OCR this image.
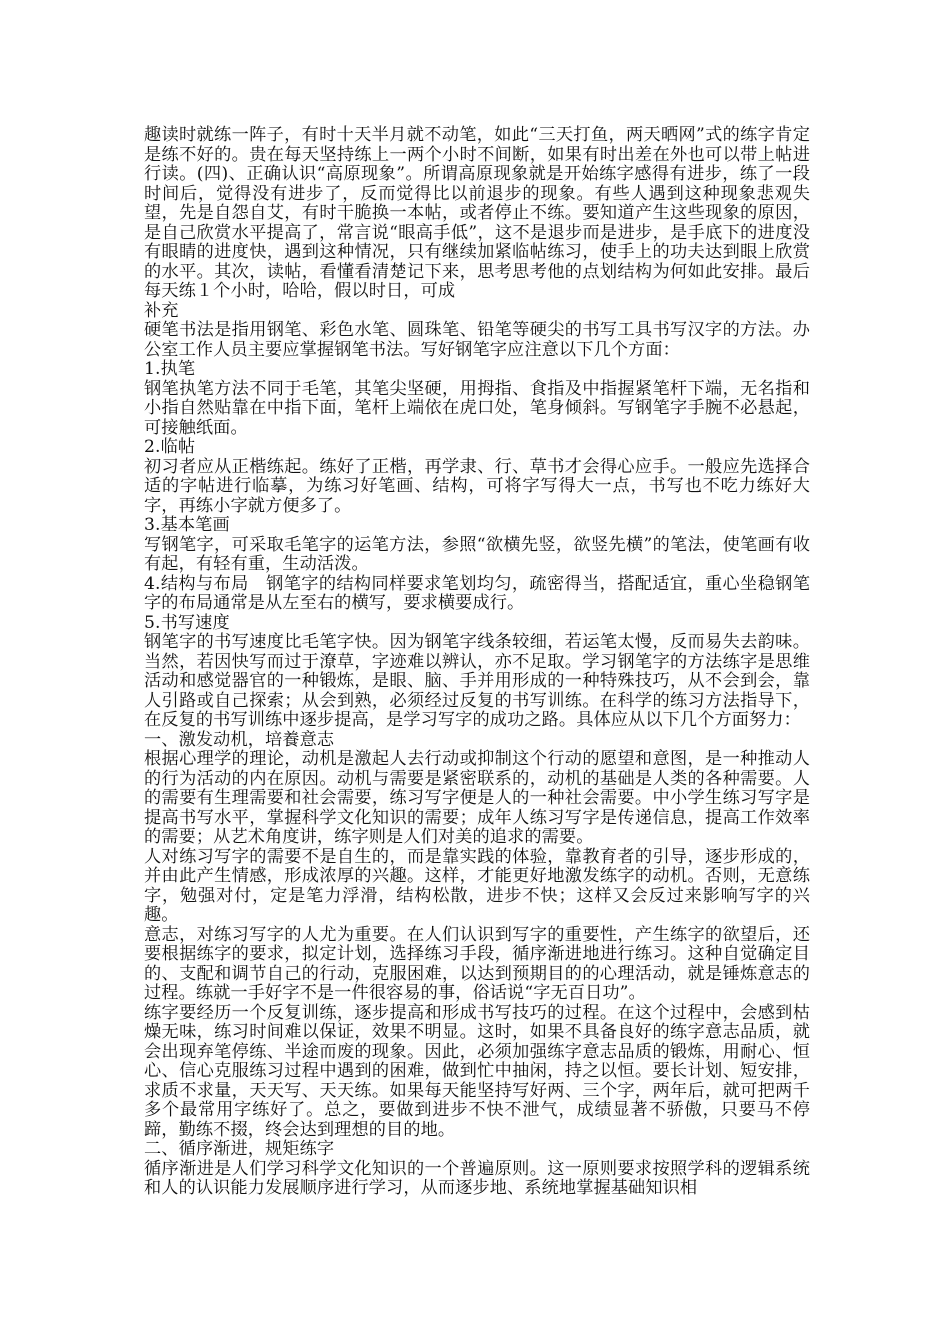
趣读时就练一阵子，有时十天半月就不动笔，如此“三天打鱼，两天晒网”式的练字肯定是练不好的。贵在每天坚持练上一两个小时不间断，如果有时出差在外也可以带上帖进行读。(四)、正确认识“高原现象”。所谓高原现象就是开始练字感得有进步，练了一段时间后，觉得没有进步了，反而觉得比以前退步的现象。有些人遇到这种现象悲观失望，先是自怨自艾，有时干脆换一本帖，或者停止不练。要知道产生这些现象的原因，是自己欣赏水平提高了，常言说“眼高手低”，这不是退步而是进步，是手底下的进度没有眼睛的进度快，遇到这种情况，只有继续加紧临帖练习，使手上的功夫达到眼上欣赏的水平。其次，读帖，看懂看清楚记下来，思考思考他的点划结构为何如此安排。最后每天练１个小时，哈哈，假以时日，可成

补充

硬笔书法是指用钢笔、彩色水笔、圆珠笔、铅笔等硬尖的书写工具书写汉字的方法。办公室工作人员主要应掌握钢笔书法。写好钢笔字应注意以下几个方面：

1.执笔

钢笔执笔方法不同于毛笔，其笔尖坚硬，用拇指、食指及中指握紧笔杆下端，无名指和小指自然贴靠在中指下面，笔杆上端依在虎口处，笔身倾斜。写钢笔字手腕不必悬起，可接触纸面。

2.临帖

初习者应从正楷练起。练好了正楷，再学隶、行、草书才会得心应手。一般应先选择合适的字帖进行临摹，为练习好笔画、结构，可将字写得大一点，书写也不吃力练好大字，再练小字就方便多了。

3.基本笔画

写钢笔字，可采取毛笔字的运笔方法，参照“欲横先竖，欲竖先横”的笔法，使笔画有收有起，有轻有重，生动活泼。

4.结构与布局　钢笔字的结构同样要求笔划均匀，疏密得当，搭配适宜，重心坐稳钢笔字的布局通常是从左至右的横写，要求横要成行。

5.书写速度

钢笔字的书写速度比毛笔字快。因为钢笔字线条较细，若运笔太慢，反而易失去韵味。当然，若因快写而过于潦草，字迹难以辨认，亦不足取。学习钢笔字的方法练字是思维活动和感觉器官的一种锻炼，是眼、脑、手并用形成的一种特殊技巧，从不会到会，靠人引路或自己探索；从会到熟，必须经过反复的书写训练。在科学的练习方法指导下，在反复的书写训练中逐步提高，是学习写字的成功之路。具体应从以下几个方面努力：

一、激发动机，培養意志

根据心理学的理论，动机是激起人去行动或抑制这个行动的愿望和意图，是一种推动人的行为活动的内在原因。动机与需要是紧密联系的，动机的基础是人类的各种需要。人的需要有生理需要和社会需要，练习写字便是人的一种社会需要。中小学生练习写字是提高书写水平，掌握科学文化知识的需要；成年人练习写字是传递信息，提高工作效率的需要；从艺术角度讲，练字则是人们对美的追求的需要。

人对练习写字的需要不是自生的，而是靠实践的体验，靠教育者的引导，逐步形成的，并由此产生情感，形成浓厚的兴趣。这样，才能更好地激发练字的动机。否则，无意练字，勉强对付，定是笔力浮滑，结构松散，进步不快；这样又会反过来影响写字的兴趣。

意志，对练习写字的人尤为重要。在人们认识到写字的重要性，产生练字的欲望后，还要根据练字的要求，拟定计划，选择练习手段，循序渐进地进行练习。这种自觉确定目的、支配和调节自己的行动，克服困难，以达到预期目的的心理活动，就是锤炼意志的过程。练就一手好字不是一件很容易的事，俗话说“字无百日功”。

练字要经历一个反复训练，逐步提高和形成书写技巧的过程。在这个过程中，会感到枯燥无味，练习时间难以保证，效果不明显。这时，如果不具备良好的练字意志品质，就会出现弃笔停练、半途而废的现象。因此，必须加强练字意志品质的锻炼，用耐心、恒心、信心克服练习过程中遇到的困难，做到忙中抽闲，持之以恒。要长计划、短安排，求质不求量，天天写、天天练。如果每天能坚持写好两、三个字，两年后，就可把两千多个最常用字练好了。总之，要做到进步不快不泄气，成绩显著不骄傲，只要马不停蹄，勤练不掇，终会达到理想的目的地。

二、循序渐进，规矩练字

循序渐进是人们学习科学文化知识的一个普遍原则。这一原则要求按照学科的逻辑系统和人的认识能力发展顺序进行学习，从而逐步地、系统地掌握基础知识相
